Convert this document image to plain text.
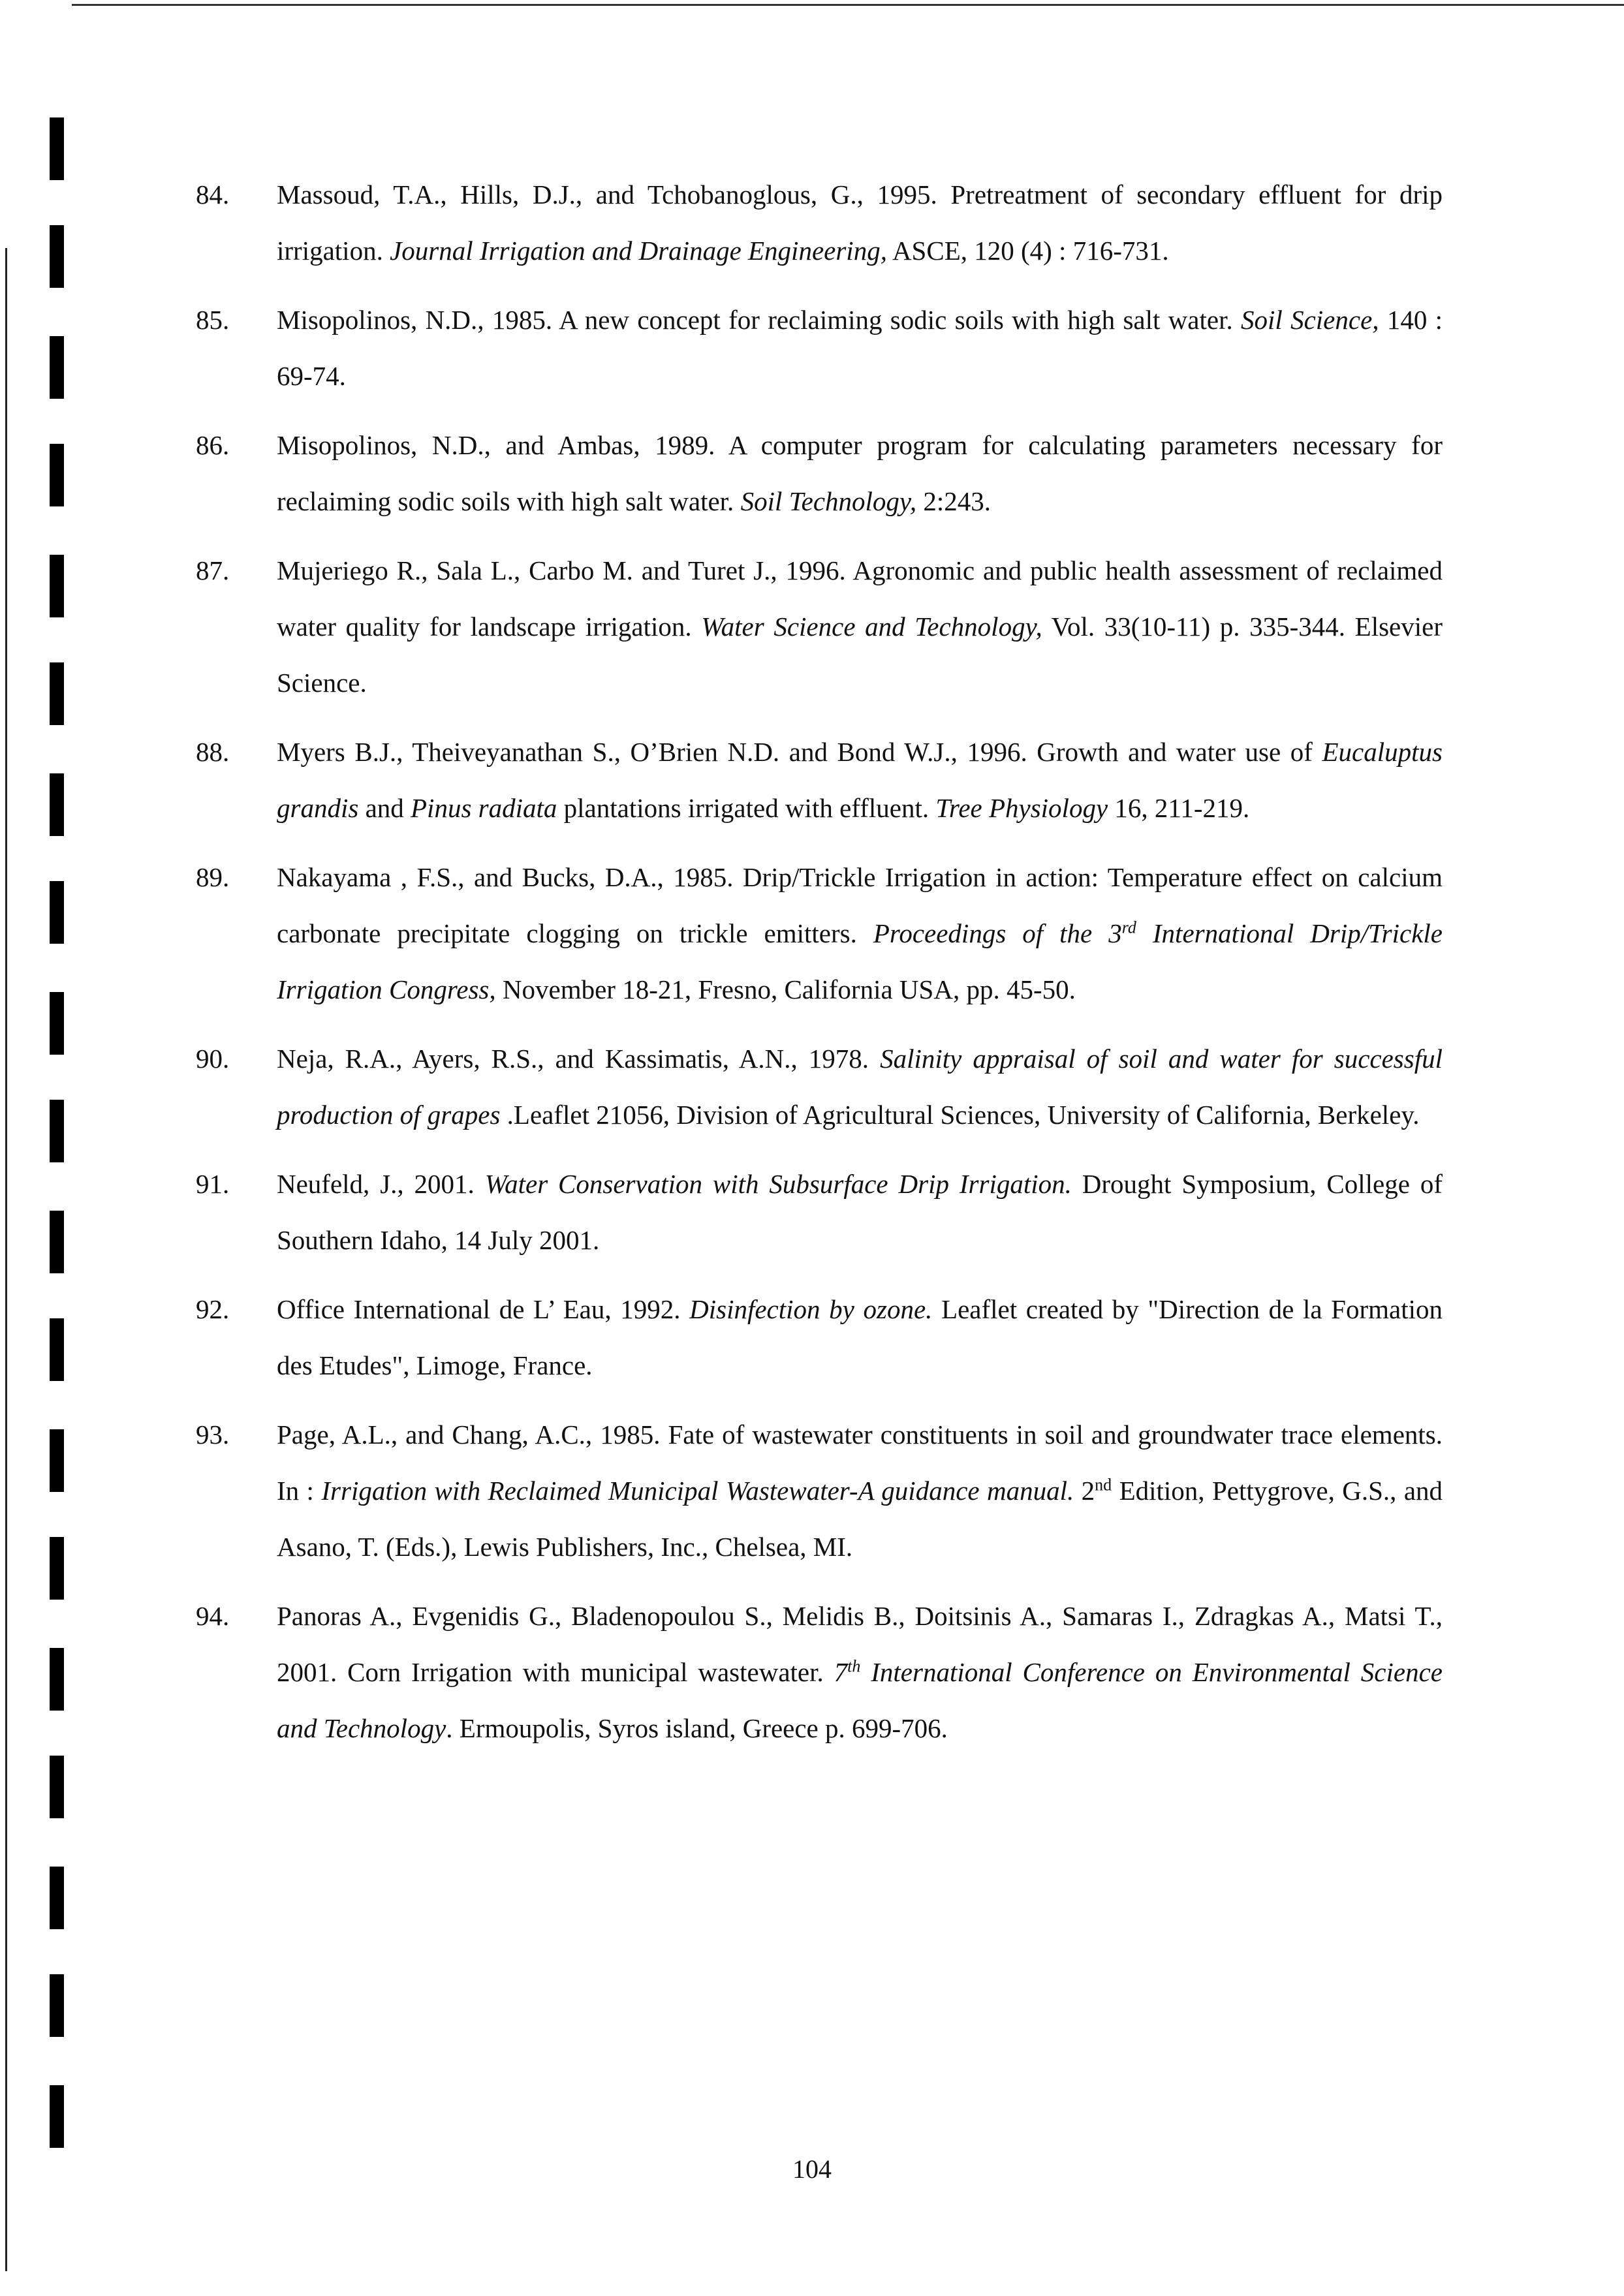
84. Massoud, T.A., Hills, D.J., and Tchobanoglous, G., 1995. Pretreatment of secondary effluent for drip irrigation. Journal Irrigation and Drainage Engineering, ASCE, 120 (4) : 716-731.
85. Misopolinos, N.D., 1985. A new concept for reclaiming sodic soils with high salt water. Soil Science, 140 : 69-74.
86. Misopolinos, N.D., and Ambas, 1989. A computer program for calculating parameters necessary for reclaiming sodic soils with high salt water. Soil Technology, 2:243.
87. Mujeriego R., Sala L., Carbo M. and Turet J., 1996. Agronomic and public health assessment of reclaimed water quality for landscape irrigation. Water Science and Technology, Vol. 33(10-11) p. 335-344. Elsevier Science.
88. Myers B.J., Theiveyanathan S., O’Brien N.D. and Bond W.J., 1996. Growth and water use of Eucaluptus grandis and Pinus radiata plantations irrigated with effluent. Tree Physiology 16, 211-219.
89. Nakayama , F.S., and Bucks, D.A., 1985. Drip/Trickle Irrigation in action: Temperature effect on calcium carbonate precipitate clogging on trickle emitters. Proceedings of the 3rd International Drip/Trickle Irrigation Congress, November 18-21, Fresno, California USA, pp. 45-50.
90. Neja, R.A., Ayers, R.S., and Kassimatis, A.N., 1978. Salinity appraisal of soil and water for successful production of grapes .Leaflet 21056, Division of Agricultural Sciences, University of California, Berkeley.
91. Neufeld, J., 2001. Water Conservation with Subsurface Drip Irrigation. Drought Symposium, College of Southern Idaho, 14 July 2001.
92. Office International de L’ Eau, 1992. Disinfection by ozone. Leaflet created by "Direction de la Formation des Etudes", Limoge, France.
93. Page, A.L., and Chang, A.C., 1985. Fate of wastewater constituents in soil and groundwater trace elements. In : Irrigation with Reclaimed Municipal Wastewater-A guidance manual. 2nd Edition, Pettygrove, G.S., and Asano, T. (Eds.), Lewis Publishers, Inc., Chelsea, MI.
94. Panoras A., Evgenidis G., Bladenopoulou S., Melidis B., Doitsinis A., Samaras I., Zdragkas A., Matsi T., 2001. Corn Irrigation with municipal wastewater. 7th International Conference on Environmental Science and Technology. Ermoupolis, Syros island, Greece p. 699-706.
104
